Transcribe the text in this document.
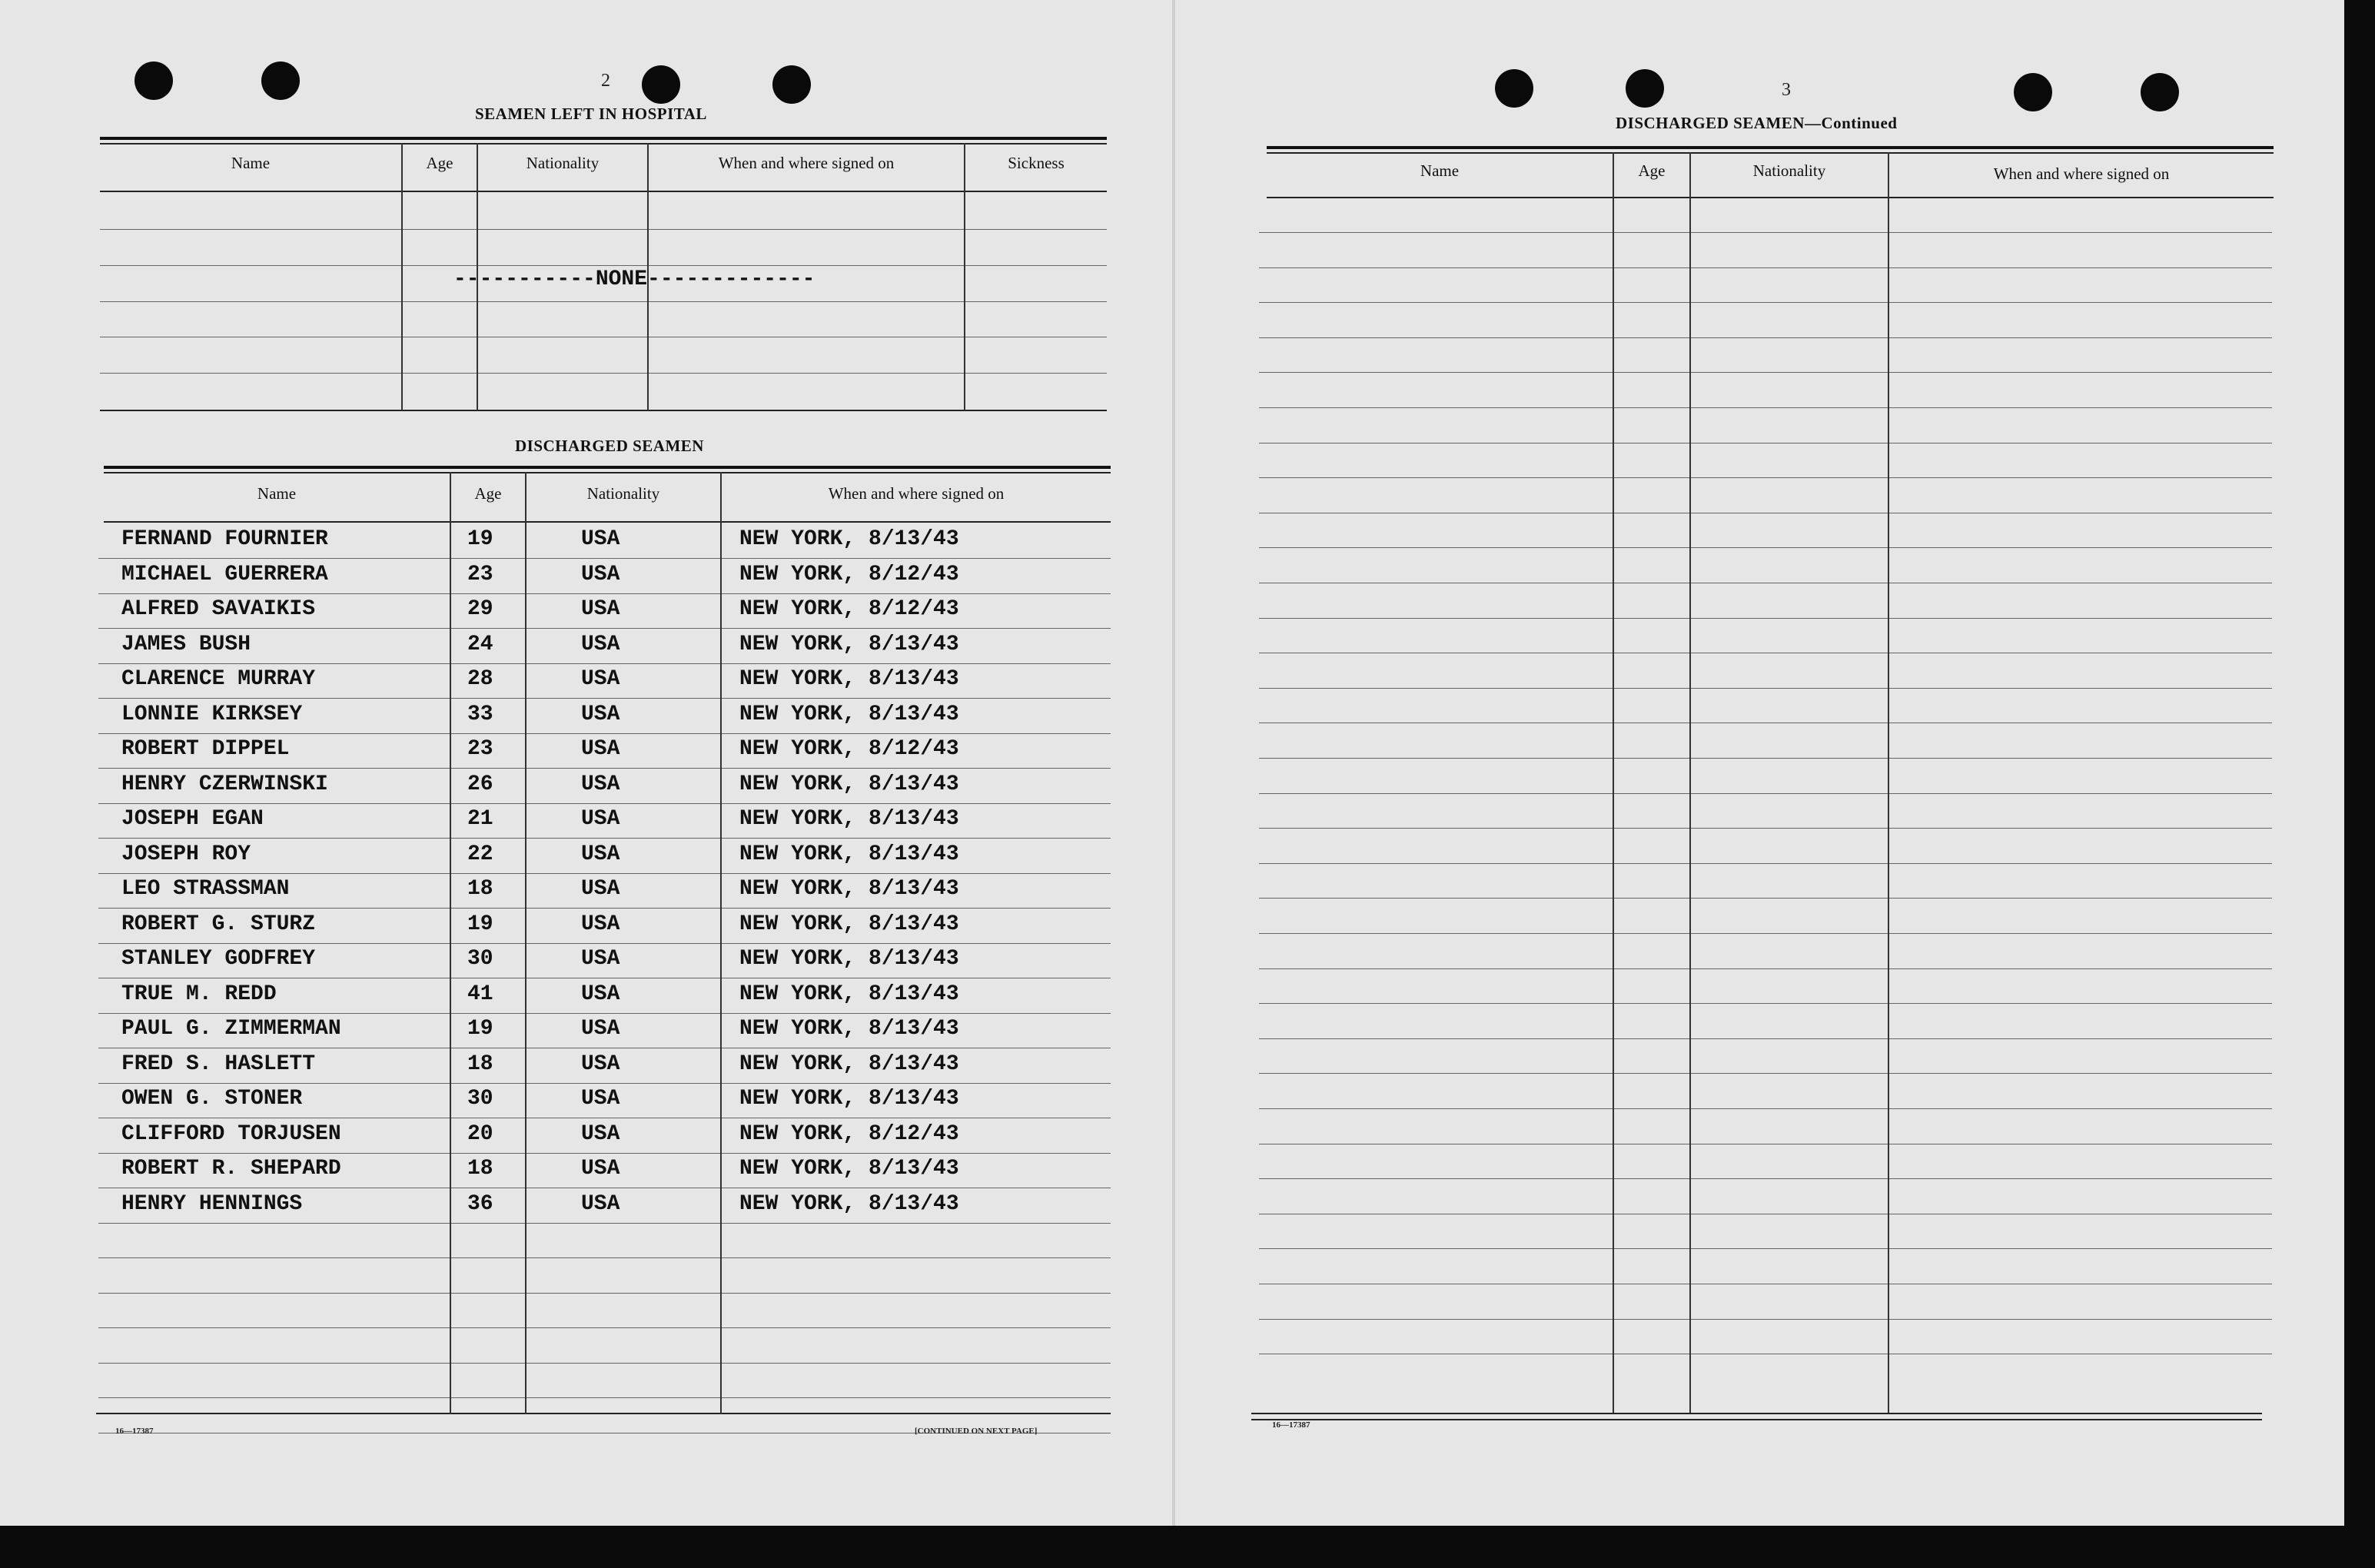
2
SEAMEN LEFT IN HOSPITAL
Name	Age	Nationality	When and where signed on	Sickness
-----------NONE-------------
DISCHARGED SEAMEN
Name	Age	Nationality	When and where signed on
FERNAND FOURNIER	19	USA	NEW YORK, 8/13/43
MICHAEL GUERRERA	23	USA	NEW YORK, 8/12/43
ALFRED SAVAIKIS	29	USA	NEW YORK, 8/12/43
JAMES BUSH	24	USA	NEW YORK, 8/13/43
CLARENCE MURRAY	28	USA	NEW YORK, 8/13/43
LONNIE KIRKSEY	33	USA	NEW YORK, 8/13/43
ROBERT DIPPEL	23	USA	NEW YORK, 8/12/43
HENRY CZERWINSKI	26	USA	NEW YORK, 8/13/43
JOSEPH EGAN	21	USA	NEW YORK, 8/13/43
JOSEPH ROY	22	USA	NEW YORK, 8/13/43
LEO STRASSMAN	18	USA	NEW YORK, 8/13/43
ROBERT G. STURZ	19	USA	NEW YORK, 8/13/43
STANLEY GODFREY	30	USA	NEW YORK, 8/13/43
TRUE M. REDD	41	USA	NEW YORK, 8/13/43
PAUL G. ZIMMERMAN	19	USA	NEW YORK, 8/13/43
FRED S. HASLETT	18	USA	NEW YORK, 8/13/43
OWEN G. STONER	30	USA	NEW YORK, 8/13/43
CLIFFORD TORJUSEN	20	USA	NEW YORK, 8/12/43
ROBERT R. SHEPARD	18	USA	NEW YORK, 8/13/43
HENRY HENNINGS	36	USA	NEW YORK, 8/13/43
16—17387	[CONTINUED ON NEXT PAGE]
3
DISCHARGED SEAMEN—Continued
Name	Age	Nationality	When and where signed on
16—17387
